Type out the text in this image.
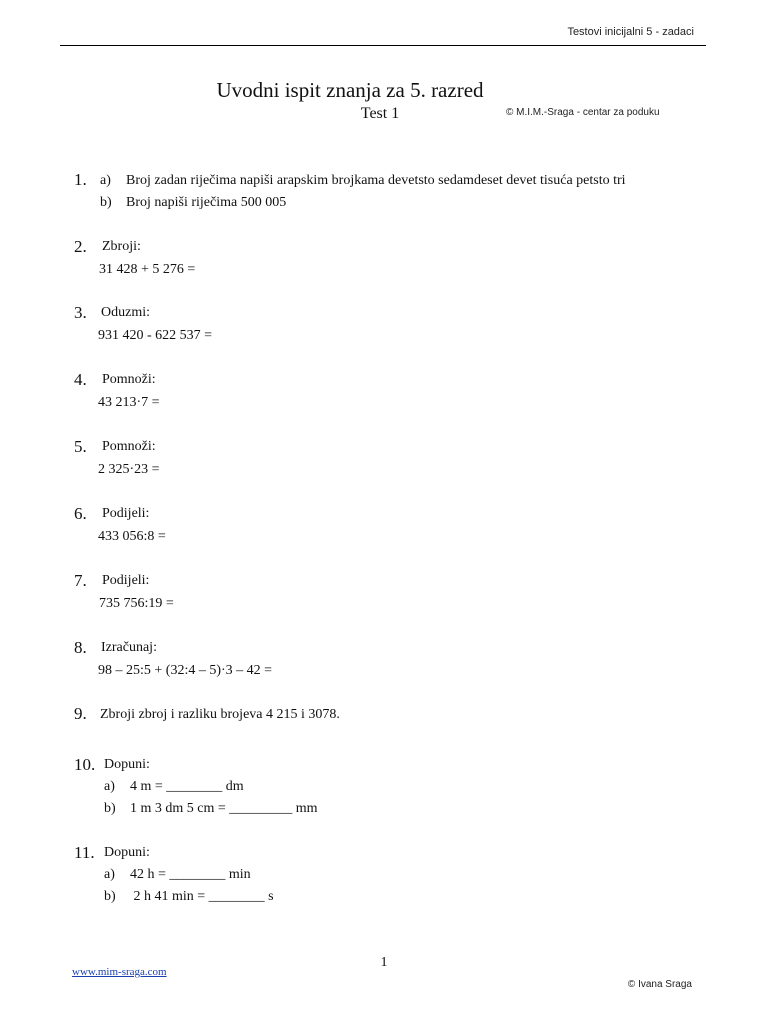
Testovi inicijalni 5 - zadaci
Uvodni ispit znanja za 5. razred
Test 1	© M.I.M.-Sraga - centar za poduku
1. a) Broj zadan riječima napiši arapskim brojkama devetsto sedamdeset devet tisuća petsto tri
b) Broj napiši riječima 500 005
2. Zbroji:
31 428 + 5 276 =
3. Oduzmi:
931 420 - 622 537 =
4. Pomnoži:
43 213·7 =
5. Pomnoži:
2 325·23 =
6. Podijeli:
433 056:8 =
7. Podijeli:
735 756:19 =
8. Izračunaj:
98 – 25:5 + (32:4 – 5)·3 – 42 =
9. Zbroji zbroj i razliku brojeva 4 215 i 3078.
10. Dopuni:
a) 4 m = ________ dm
b) 1 m 3 dm 5 cm = _________ mm
11. Dopuni:
a) 42 h = ________ min
b) 2 h 41 min = ________ s
1
www.mim-sraga.com
© Ivana Sraga
